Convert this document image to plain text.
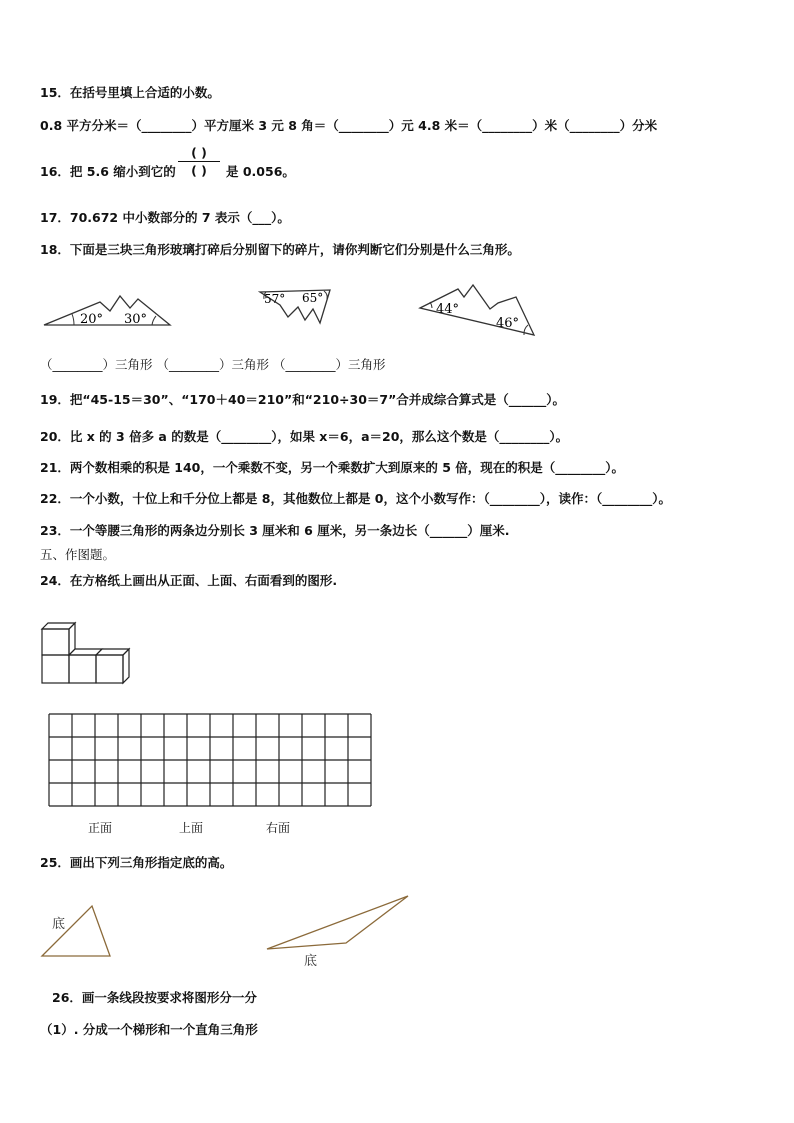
15．在括号里填上合适的小数。
0.8 平方分米＝（________）平方厘米 3 元 8 角＝（________）元 4.8 米＝（________）米（________）分米
16．把 5.6 缩小到它的
( )
( )	是 0.056。
17．70.672 中小数部分的 7 表示（___）。
18．下面是三块三角形玻璃打碎后分别留下的碎片，请你判断它们分别是什么三角形。
20° 30°
57° 65°
44°
46°
（________）三角形 （________）三角形 （________）三角形
19．把“45-15＝30”、“170＋40＝210”和“210÷30＝7”合并成综合算式是（______）。
20．比 x 的 3 倍多 a 的数是（________），如果 x＝6，a＝20，那么这个数是（________）。
21．两个数相乘的积是 140，一个乘数不变，另一个乘数扩大到原来的 5 倍，现在的积是（________）。
22．一个小数，十位上和千分位上都是 8，其他数位上都是 0，这个小数写作：（________），读作：（________）。
23．一个等腰三角形的两条边分别长 3 厘米和 6 厘米，另一条边长（______）厘米.
五、作图题。
24．在方格纸上画出从正面、上面、右面看到的图形.
正面	上面	右面
25．画出下列三角形指定底的高。
底
底
26．画一条线段按要求将图形分一分
（1）. 分成一个梯形和一个直角三角形
